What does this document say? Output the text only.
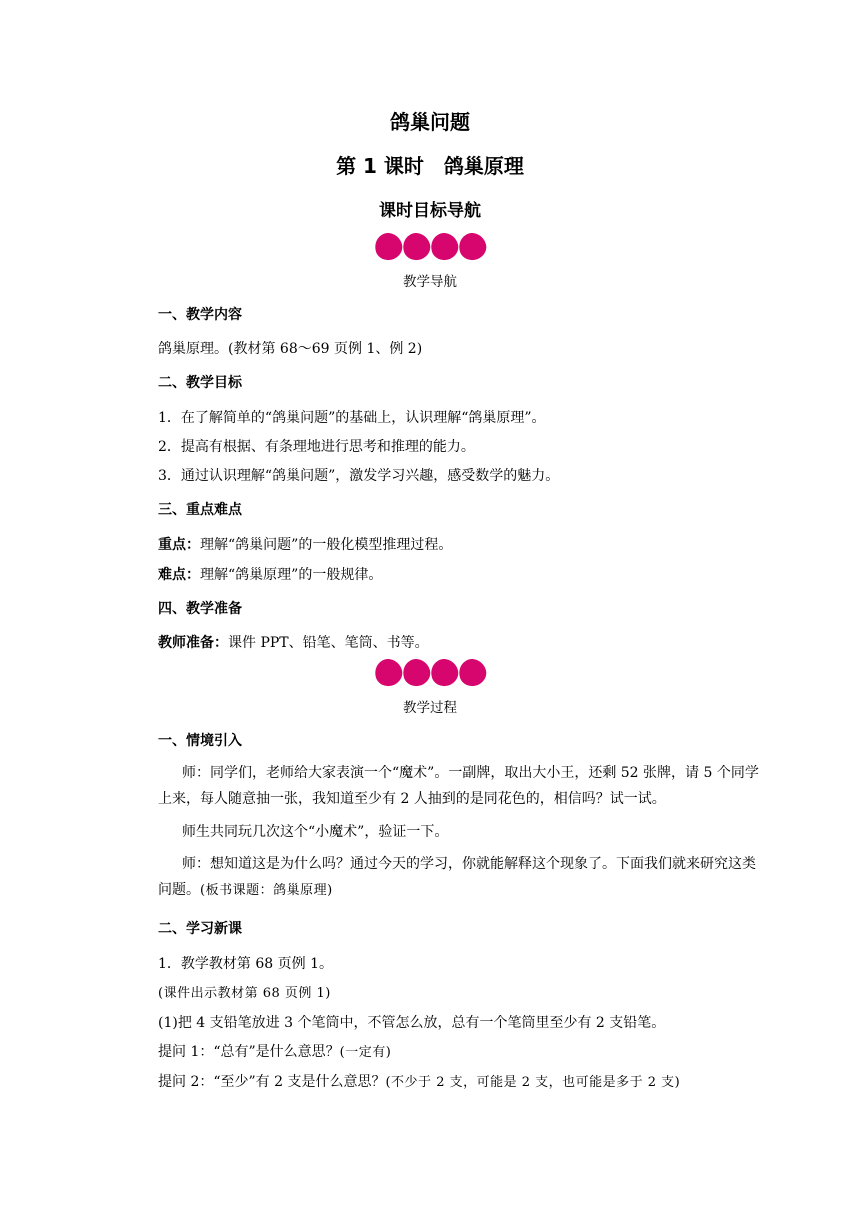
鸽巢问题
第 1 课时　鸽巢原理
课时目标导航
教学导航
一、教学内容
鸽巢原理。(教材第 68～69 页例 1、例 2)
二、教学目标
1．在了解简单的“鸽巢问题”的基础上，认识理解“鸽巢原理”。
2．提高有根据、有条理地进行思考和推理的能力。
3．通过认识理解“鸽巢问题”，激发学习兴趣，感受数学的魅力。
三、重点难点
重点：理解“鸽巢问题”的一般化模型推理过程。
难点：理解“鸽巢原理”的一般规律。
四、教学准备
教师准备：课件 PPT、铅笔、笔筒、书等。
教学过程
一、情境引入
师：同学们，老师给大家表演一个“魔术”。一副牌，取出大小王，还剩 52 张牌，请 5 个同学上来，每人随意抽一张，我知道至少有 2 人抽到的是同花色的，相信吗？试一试。
师生共同玩几次这个“小魔术”，验证一下。
师：想知道这是为什么吗？通过今天的学习，你就能解释这个现象了。下面我们就来研究这类问题。(板书课题：鸽巢原理)
二、学习新课
1．教学教材第 68 页例 1。
(课件出示教材第 68 页例 1)
(1)把 4 支铅笔放进 3 个笔筒中，不管怎么放，总有一个笔筒里至少有 2 支铅笔。
提问 1：“总有”是什么意思？(一定有)
提问 2：“至少”有 2 支是什么意思？(不少于 2 支，可能是 2 支，也可能是多于 2 支)
